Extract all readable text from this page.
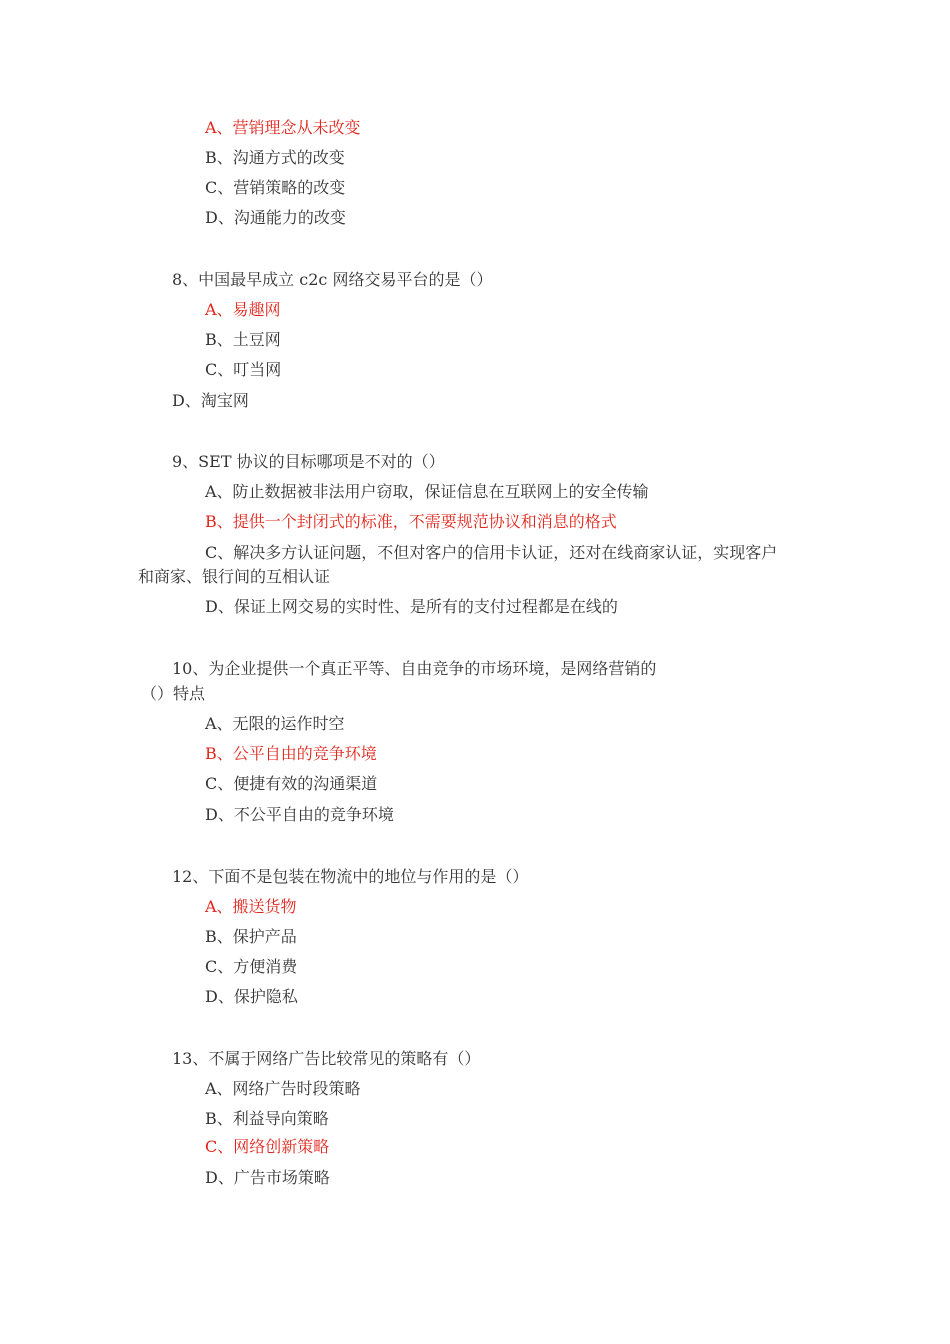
A、营销理念从未改变
B、沟通方式的改变
C、营销策略的改变
D、沟通能力的改变
8、中国最早成立 c2c 网络交易平台的是（）
A、易趣网
B、土豆网
C、叮当网
D、淘宝网
9、SET 协议的目标哪项是不对的（）
A、防止数据被非法用户窃取，保证信息在互联网上的安全传输
B、提供一个封闭式的标准，不需要规范协议和消息的格式
C、解决多方认证问题，不但对客户的信用卡认证，还对在线商家认证，实现客户
和商家、银行间的互相认证
D、保证上网交易的实时性、是所有的支付过程都是在线的
10、为企业提供一个真正平等、自由竞争的市场环境，是网络营销的
（）特点
A、无限的运作时空
B、公平自由的竞争环境
C、便捷有效的沟通渠道
D、不公平自由的竞争环境
12、下面不是包装在物流中的地位与作用的是（）
A、搬送货物
B、保护产品
C、方便消费
D、保护隐私
13、不属于网络广告比较常见的策略有（）
A、网络广告时段策略
B、利益导向策略
C、网络创新策略
D、广告市场策略
